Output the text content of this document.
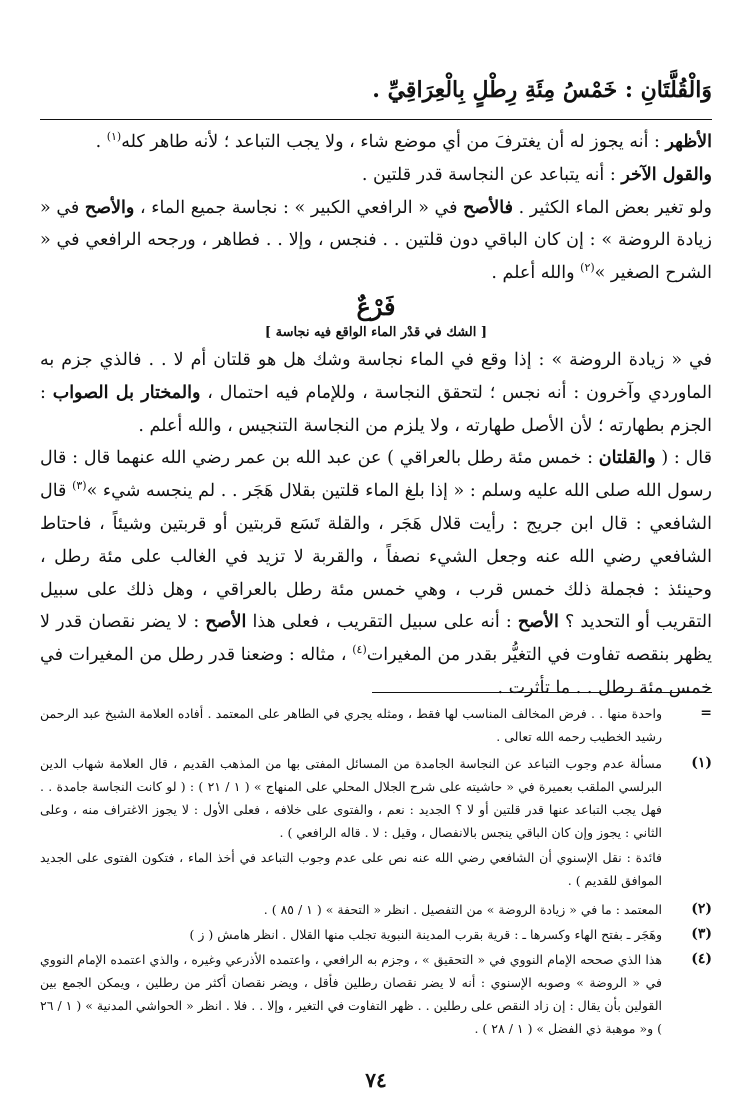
وَالْقُلَّتَانِ : خَمْسُ مِئَةِ رِطْلٍ بِالْعِرَاقِيِّ .

الأظهر : أنه يجوز له أن يغترفَ من أي موضع شاء ، ولا يجب التباعد ؛ لأنه طاهر كله$^{(١)}$ .

والقول الآخر : أنه يتباعد عن النجاسة قدر قلتين .

ولو تغير بعض الماء الكثير . فالأصح في « الرافعي الكبير » : نجاسة جميع الماء ، والأصح في « زيادة الروضة » : إن كان الباقي دون قلتين . . فنجس ، وإلا . . فطاهر ، ورجحه الرافعي في « الشرح الصغير »$^{(٢)}$ والله أعلم .

فَرْعٌ
[ الشك في قدْر الماء الواقع فيه نجاسة ]

في « زيادة الروضة » : إذا وقع في الماء نجاسة وشك هل هو قلتان أم لا . . فالذي جزم به الماوردي وآخرون : أنه نجس ؛ لتحقق النجاسة ، وللإمام فيه احتمال ، والمختار بل الصواب : الجزم بطهارته ؛ لأن الأصل طهارته ، ولا يلزم من النجاسة التنجيس ، والله أعلم .

قال : ( والقلتان : خمس مئة رطل بالعراقي ) عن عبد الله بن عمر رضي الله عنهما قال : قال رسول الله صلى الله عليه وسلم : « إذا بلغ الماء قلتين بقلال هَجَر . . لم ينجسه شيء »$^{(٣)}$ قال الشافعي : قال ابن جريج : رأيت قلال هَجَر ، والقلة تَسَع قربتين أو قربتين وشيئاً ، فاحتاط الشافعي رضي الله عنه وجعل الشيء نصفاً ، والقربة لا تزيد في الغالب على مئة رطل ، وحينئذ : فجملة ذلك خمس قرب ، وهي خمس مئة رطل بالعراقي ، وهل ذلك على سبيل التقريب أو التحديد ؟ الأصح : أنه على سبيل التقريب ، فعلى هذا الأصح : لا يضر نقصان قدر لا يظهر بنقصه تفاوت في التغيُّر بقدر من المغيرات$^{(٤)}$ ، مثاله : وضعنا قدر رطل من المغيرات في خمس مئة رطل . . ما تأثرت .

=
واحدة منها . . فرض المخالف المناسب لها فقط ، ومثله يجري في الطاهر على المعتمد . أفاده العلامة الشيخ عبد الرحمن رشيد الخطيب رحمه الله تعالى .
(١)
مسألة عدم وجوب التباعد عن النجاسة الجامدة من المسائل المفتى بها من المذهب القديم ، قال العلامة شهاب الدين البرلسي الملقب بعميرة في « حاشيته على شرح الجلال المحلي على المنهاج » ( ١ / ٢١ ) : ( لو كانت النجاسة جامدة . . فهل يجب التباعد عنها قدر قلتين أو لا ؟ الجديد : نعم ، والفتوى على خلافه ، فعلى الأول : لا يجوز الاغتراف منه ، وعلى الثاني : يجوز وإن كان الباقي ينجس بالانفصال ، وقيل : لا . قاله الرافعي ) .
فائدة : نقل الإسنوي أن الشافعي رضي الله عنه نص على عدم وجوب التباعد في أخذ الماء ، فتكون الفتوى على الجديد الموافق للقديم ) .
(٢)
المعتمد : ما في « زيادة الروضة » من التفصيل . انظر « التحفة » ( ١ / ٨٥ ) .
(٣)
وهَجَر ـ بفتح الهاء وكسرها ـ : قرية بقرب المدينة النبوية تجلب منها القلال . انظر هامش ( ز )
(٤)
هذا الذي صححه الإمام النووي في « التحقيق » ، وجزم به الرافعي ، واعتمده الأذرعي وغيره ، والذي اعتمده الإمام النووي في « الروضة » وصوبه الإسنوي : أنه لا يضر نقصان رطلين فأقل ، ويضر نقصان أكثر من رطلين ، ويمكن الجمع بين القولين بأن يقال : إن زاد النقص على رطلين . . ظهر التفاوت في التغير ، وإلا . . فلا . انظر « الحواشي المدنية » ( ١ / ٢٦ ) و« موهبة ذي الفضل » ( ١ / ٢٨ ) .
٧٤
